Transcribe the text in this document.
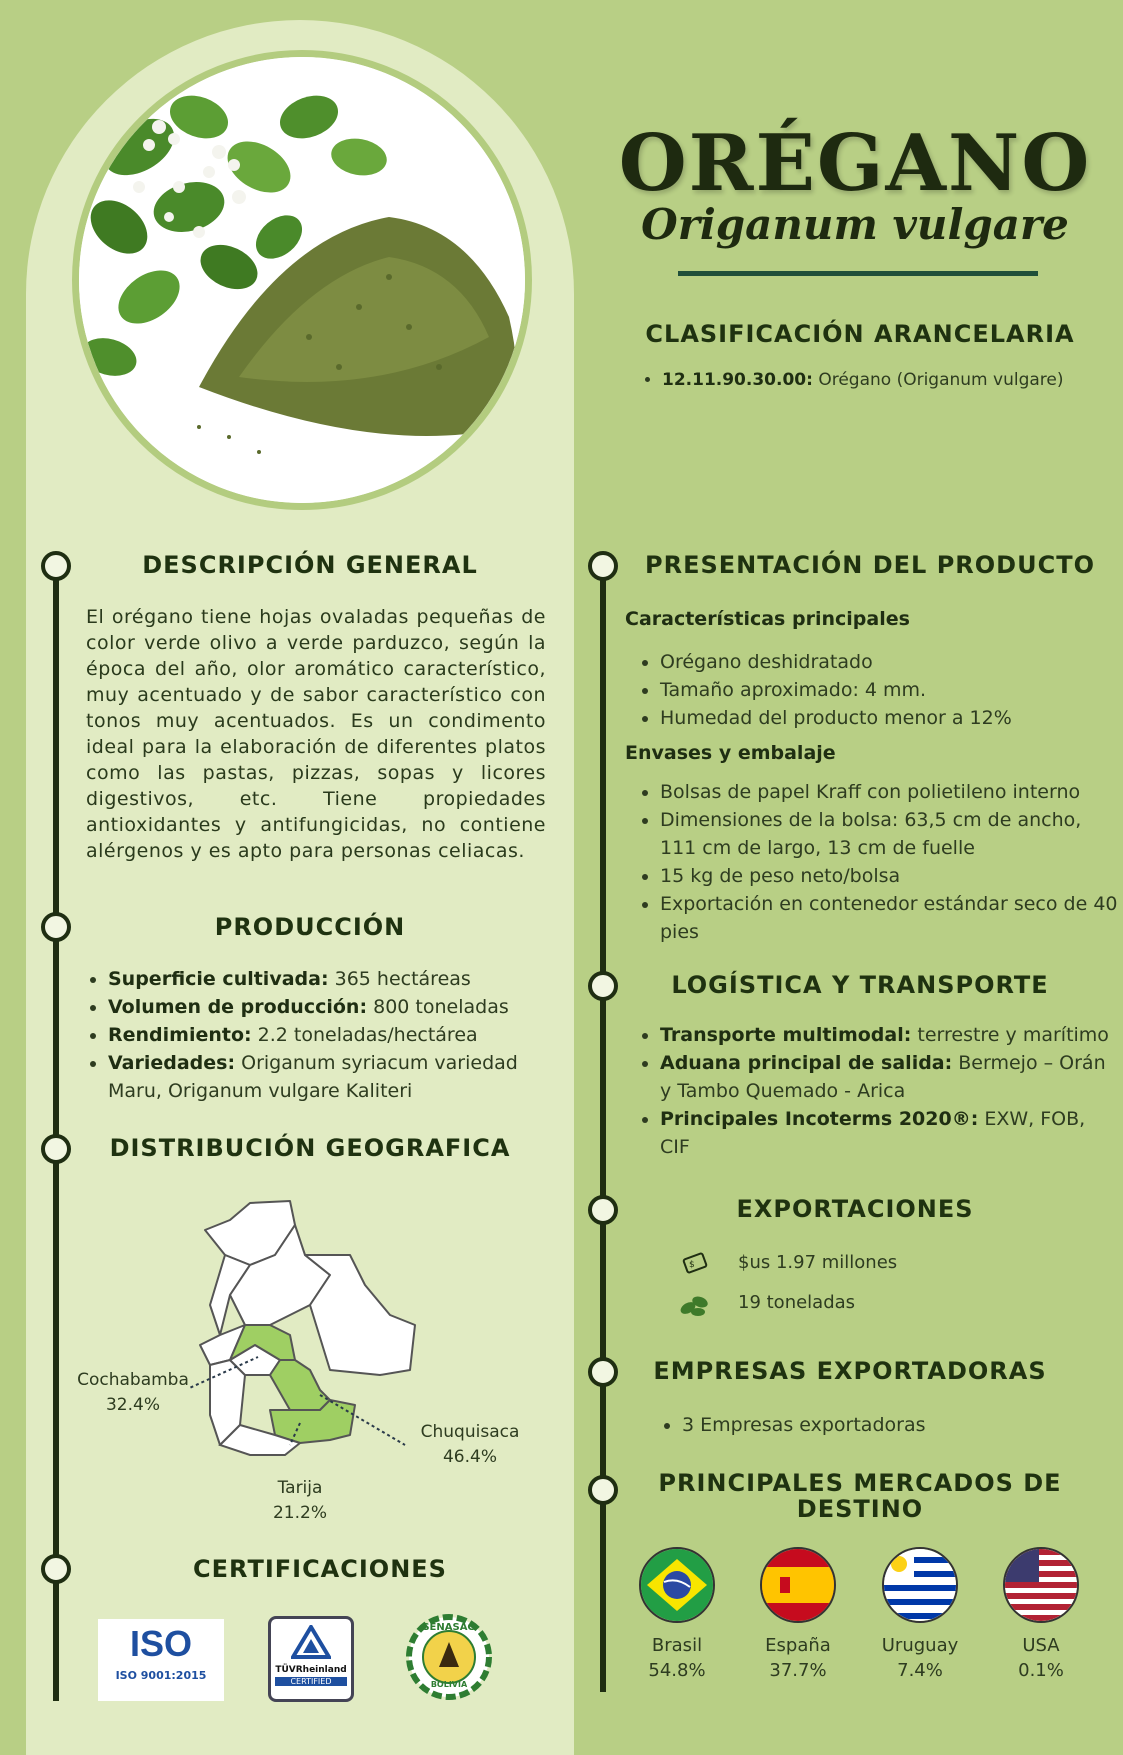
ORÉGANO
Origanum vulgare
CLASIFICACIÓN ARANCELARIA
• 12.11.90.30.00: Orégano (Origanum vulgare)
DESCRIPCIÓN GENERAL
El orégano tiene hojas ovaladas pequeñas de color verde olivo a verde parduzco, según la época del año, olor aromático característico, muy acentuado y de sabor característico con tonos muy acentuados. Es un condimento ideal para la elaboración de diferentes platos como las pastas, pizzas, sopas y licores digestivos, etc. Tiene propiedades antioxidantes y antifungicidas, no contiene alérgenos y es apto para personas celiacas.
PRODUCCIÓN
• Superficie cultivada: 365 hectáreas
• Volumen de producción: 800 toneladas
• Rendimiento: 2.2 toneladas/hectárea
• Variedades: Origanum syriacum variedad Maru, Origanum vulgare Kaliteri
DISTRIBUCIÓN GEOGRAFICA
Cochabamba
32.4%
Chuquisaca
46.4%
Tarija
21.2%
CERTIFICACIONES
ISO
ISO 9001:2015	TÜVRheinland
CERTIFIED
SENASAG
BOLIVIA
PRESENTACIÓN DEL PRODUCTO
Características principales
• Orégano deshidratado
• Tamaño aproximado: 4 mm.
• Humedad del producto menor a 12%
Envases y embalaje
• Bolsas de papel Kraff con polietileno interno
• Dimensiones de la bolsa: 63,5 cm de ancho, 111 cm de largo, 13 cm de fuelle
• 15 kg de peso neto/bolsa
• Exportación en contenedor estándar seco de 40 pies
LOGÍSTICA Y TRANSPORTE
• Transporte multimodal: terrestre y marítimo
• Aduana principal de salida: Bermejo – Orán y Tambo Quemado - Arica
• Principales Incoterms 2020®: EXW, FOB, CIF
EXPORTACIONES
$ $us 1.97 millones
19 toneladas
EMPRESAS EXPORTADORAS
• 3 Empresas exportadoras
PRINCIPALES MERCADOS DE DESTINO
Brasil
54.8%
España
37.7%
Uruguay
7.4%
USA
0.1%
